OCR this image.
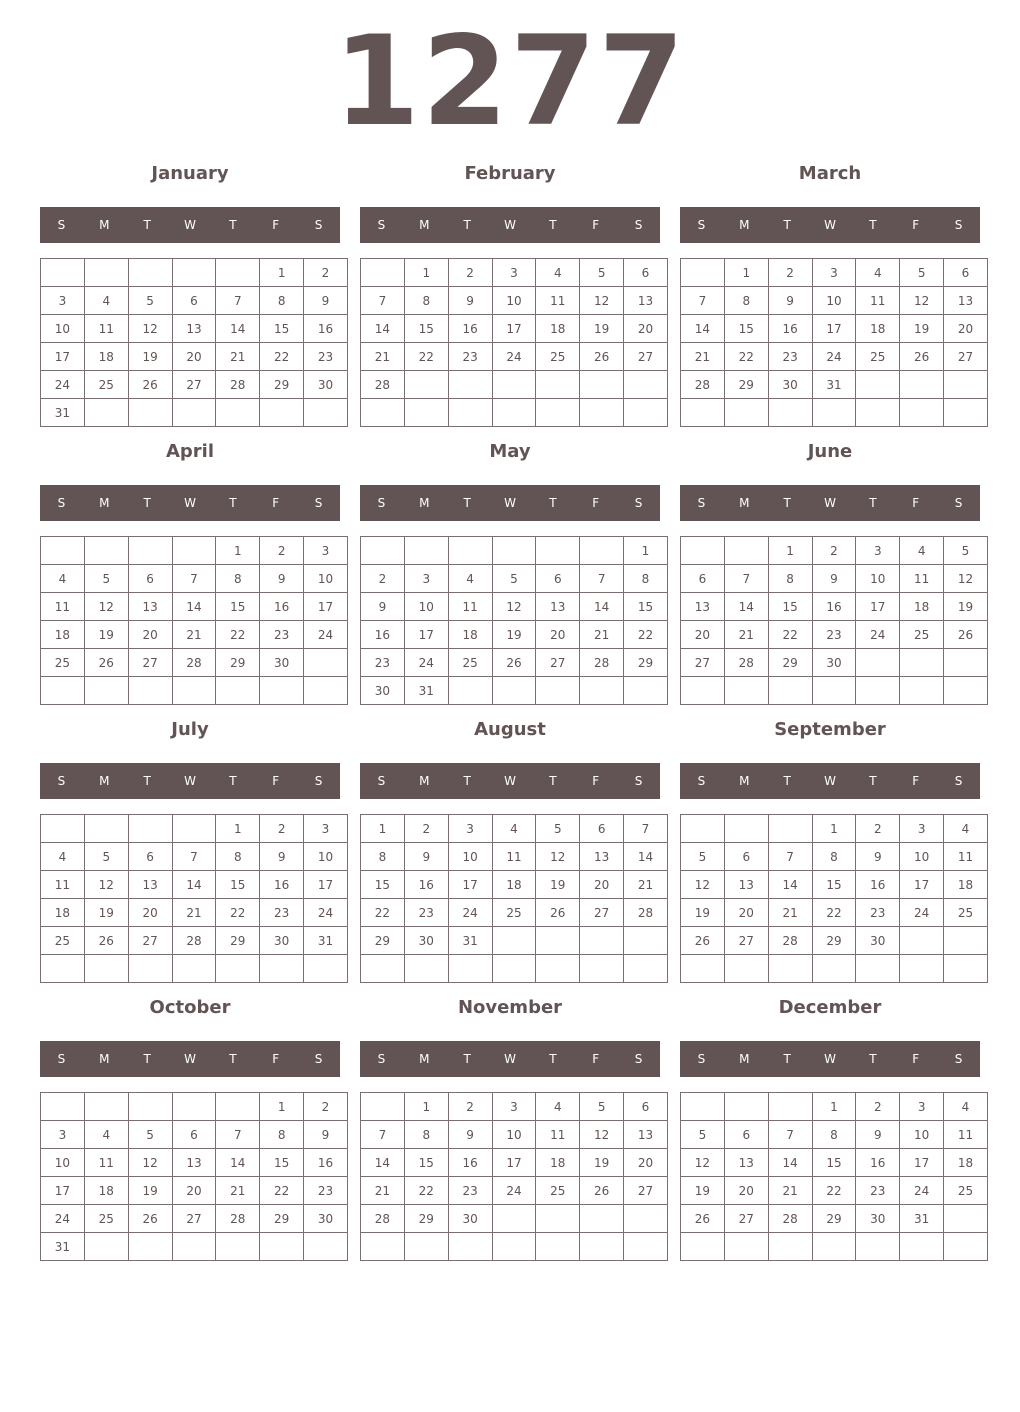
1277
January
S	M	T	W	T	F	S
					1	2
3	4	5	6	7	8	9
10	11	12	13	14	15	16
17	18	19	20	21	22	23
24	25	26	27	28	29	30
31						
February
S	M	T	W	T	F	S
	1	2	3	4	5	6
7	8	9	10	11	12	13
14	15	16	17	18	19	20
21	22	23	24	25	26	27
28						

March
S	M	T	W	T	F	S
	1	2	3	4	5	6
7	8	9	10	11	12	13
14	15	16	17	18	19	20
21	22	23	24	25	26	27
28	29	30	31			

April
S	M	T	W	T	F	S
				1	2	3
4	5	6	7	8	9	10
11	12	13	14	15	16	17
18	19	20	21	22	23	24
25	26	27	28	29	30	

May
S	M	T	W	T	F	S
						1
2	3	4	5	6	7	8
9	10	11	12	13	14	15
16	17	18	19	20	21	22
23	24	25	26	27	28	29
30	31					
June
S	M	T	W	T	F	S
		1	2	3	4	5
6	7	8	9	10	11	12
13	14	15	16	17	18	19
20	21	22	23	24	25	26
27	28	29	30			

July
S	M	T	W	T	F	S
				1	2	3
4	5	6	7	8	9	10
11	12	13	14	15	16	17
18	19	20	21	22	23	24
25	26	27	28	29	30	31

August
S	M	T	W	T	F	S
1	2	3	4	5	6	7
8	9	10	11	12	13	14
15	16	17	18	19	20	21
22	23	24	25	26	27	28
29	30	31				

September
S	M	T	W	T	F	S
			1	2	3	4
5	6	7	8	9	10	11
12	13	14	15	16	17	18
19	20	21	22	23	24	25
26	27	28	29	30		

October
S	M	T	W	T	F	S
					1	2
3	4	5	6	7	8	9
10	11	12	13	14	15	16
17	18	19	20	21	22	23
24	25	26	27	28	29	30
31						
November
S	M	T	W	T	F	S
	1	2	3	4	5	6
7	8	9	10	11	12	13
14	15	16	17	18	19	20
21	22	23	24	25	26	27
28	29	30				

December
S	M	T	W	T	F	S
			1	2	3	4
5	6	7	8	9	10	11
12	13	14	15	16	17	18
19	20	21	22	23	24	25
26	27	28	29	30	31	
